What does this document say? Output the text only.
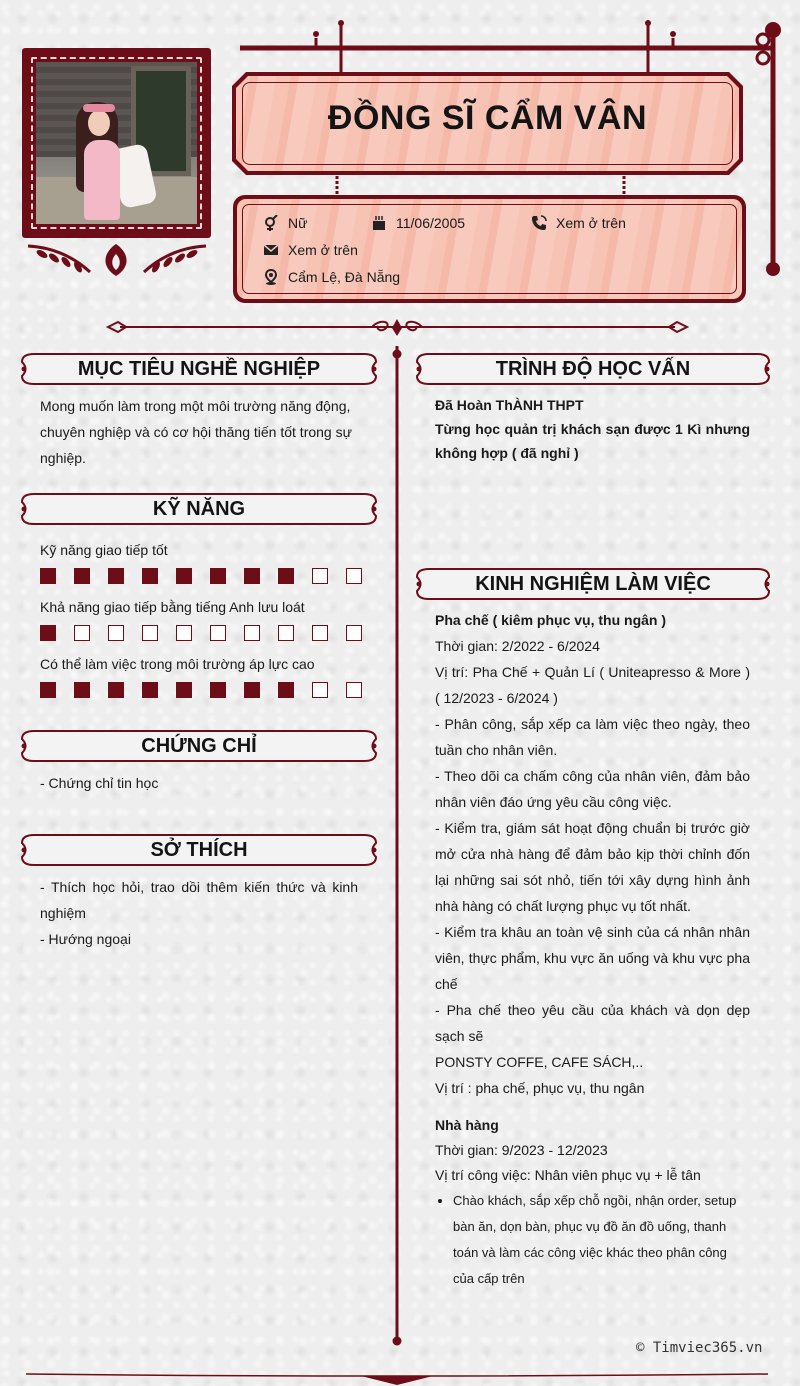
ĐỒNG SĨ CẨM VÂN
Nữ	11/06/2005	Xem ở trên
Xem ở trên
Cẩm Lệ, Đà Nẵng
MỤC TIÊU NGHỀ NGHIỆP
Mong muốn làm trong một môi trường năng động, chuyên nghiệp và có cơ hội thăng tiến tốt trong sự nghiệp.
KỸ NĂNG
Kỹ năng giao tiếp tốt
Khả năng giao tiếp bằng tiếng Anh lưu loát
Có thể làm việc trong môi trường áp lực cao
CHỨNG CHỈ
- Chứng chỉ tin học
SỞ THÍCH
- Thích học hỏi, trao dồi thêm kiến thức và kinh nghiệm
- Hướng ngoại
TRÌNH ĐỘ HỌC VẤN
Đã Hoàn ThÀNH THPT
Từng học quản trị khách sạn được 1 Kì nhưng không hợp ( đã nghỉ )
KINH NGHIỆM LÀM VIỆC
Pha chế ( kiêm phục vụ, thu ngân )
Thời gian: 2/2022 - 6/2024
Vị trí: Pha Chế + Quản Lí ( Uniteapresso & More ) ( 12/2023 - 6/2024 )
- Phân công, sắp xếp ca làm việc theo ngày, theo tuần cho nhân viên.
- Theo dõi ca chấm công của nhân viên, đảm bảo nhân viên đáo ứng yêu cầu công việc.
- Kiểm tra, giám sát hoạt động chuẩn bị trước giờ mở cửa nhà hàng để đảm bảo kịp thời chỉnh đốn lại những sai sót nhỏ, tiến tới xây dựng hình ảnh nhà hàng có chất lượng phục vụ tốt nhất.
- Kiểm tra khâu an toàn vệ sinh của cá nhân nhân viên, thực phẩm, khu vực ăn uống và khu vực pha chế
- Pha chế theo yêu cầu của khách và dọn dẹp sạch sẽ
PONSTY COFFE, CAFE SÁCH,..
Vị trí : pha chế, phục vụ, thu ngân
Nhà hàng
Thời gian: 9/2023 - 12/2023
Vị trí công việc: Nhân viên phục vụ + lễ tân
• Chào khách, sắp xếp chỗ ngồi, nhận order, setup bàn ăn, dọn bàn, phục vụ đồ ăn đồ uống, thanh toán và làm các công việc khác theo phân công của cấp trên
© Timviec365.vn
